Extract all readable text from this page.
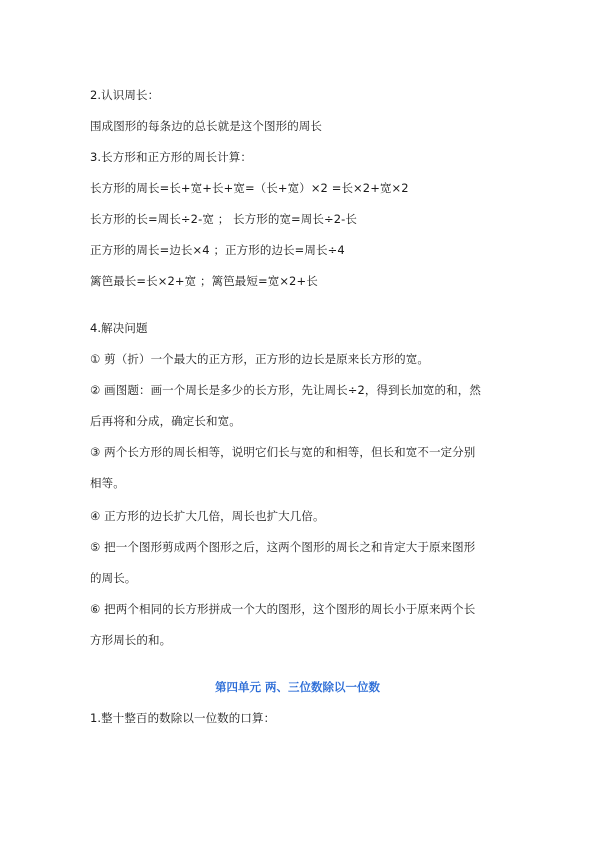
2.认识周长：
围成图形的每条边的总长就是这个图形的周长
3.长方形和正方形的周长计算：
长方形的周长=长+宽+长+宽=（长+宽）×2 =长×2+宽×2
长方形的长=周长÷2-宽 ； 长方形的宽=周长÷2-长
正方形的周长=边长×4 ；正方形的边长=周长÷4
篱笆最长=长×2+宽 ；篱笆最短=宽×2+长
4.解决问题
① 剪（折）一个最大的正方形，正方形的边长是原来长方形的宽。
② 画图题：画一个周长是多少的长方形，先让周长÷2，得到长加宽的和，然
后再将和分成，确定长和宽。
③ 两个长方形的周长相等，说明它们长与宽的和相等，但长和宽不一定分别
相等。
④ 正方形的边长扩大几倍，周长也扩大几倍。
⑤ 把一个图形剪成两个图形之后，这两个图形的周长之和肯定大于原来图形
的周长。
⑥ 把两个相同的长方形拼成一个大的图形，这个图形的周长小于原来两个长
方形周长的和。
第四单元 两、三位数除以一位数
1.整十整百的数除以一位数的口算：
